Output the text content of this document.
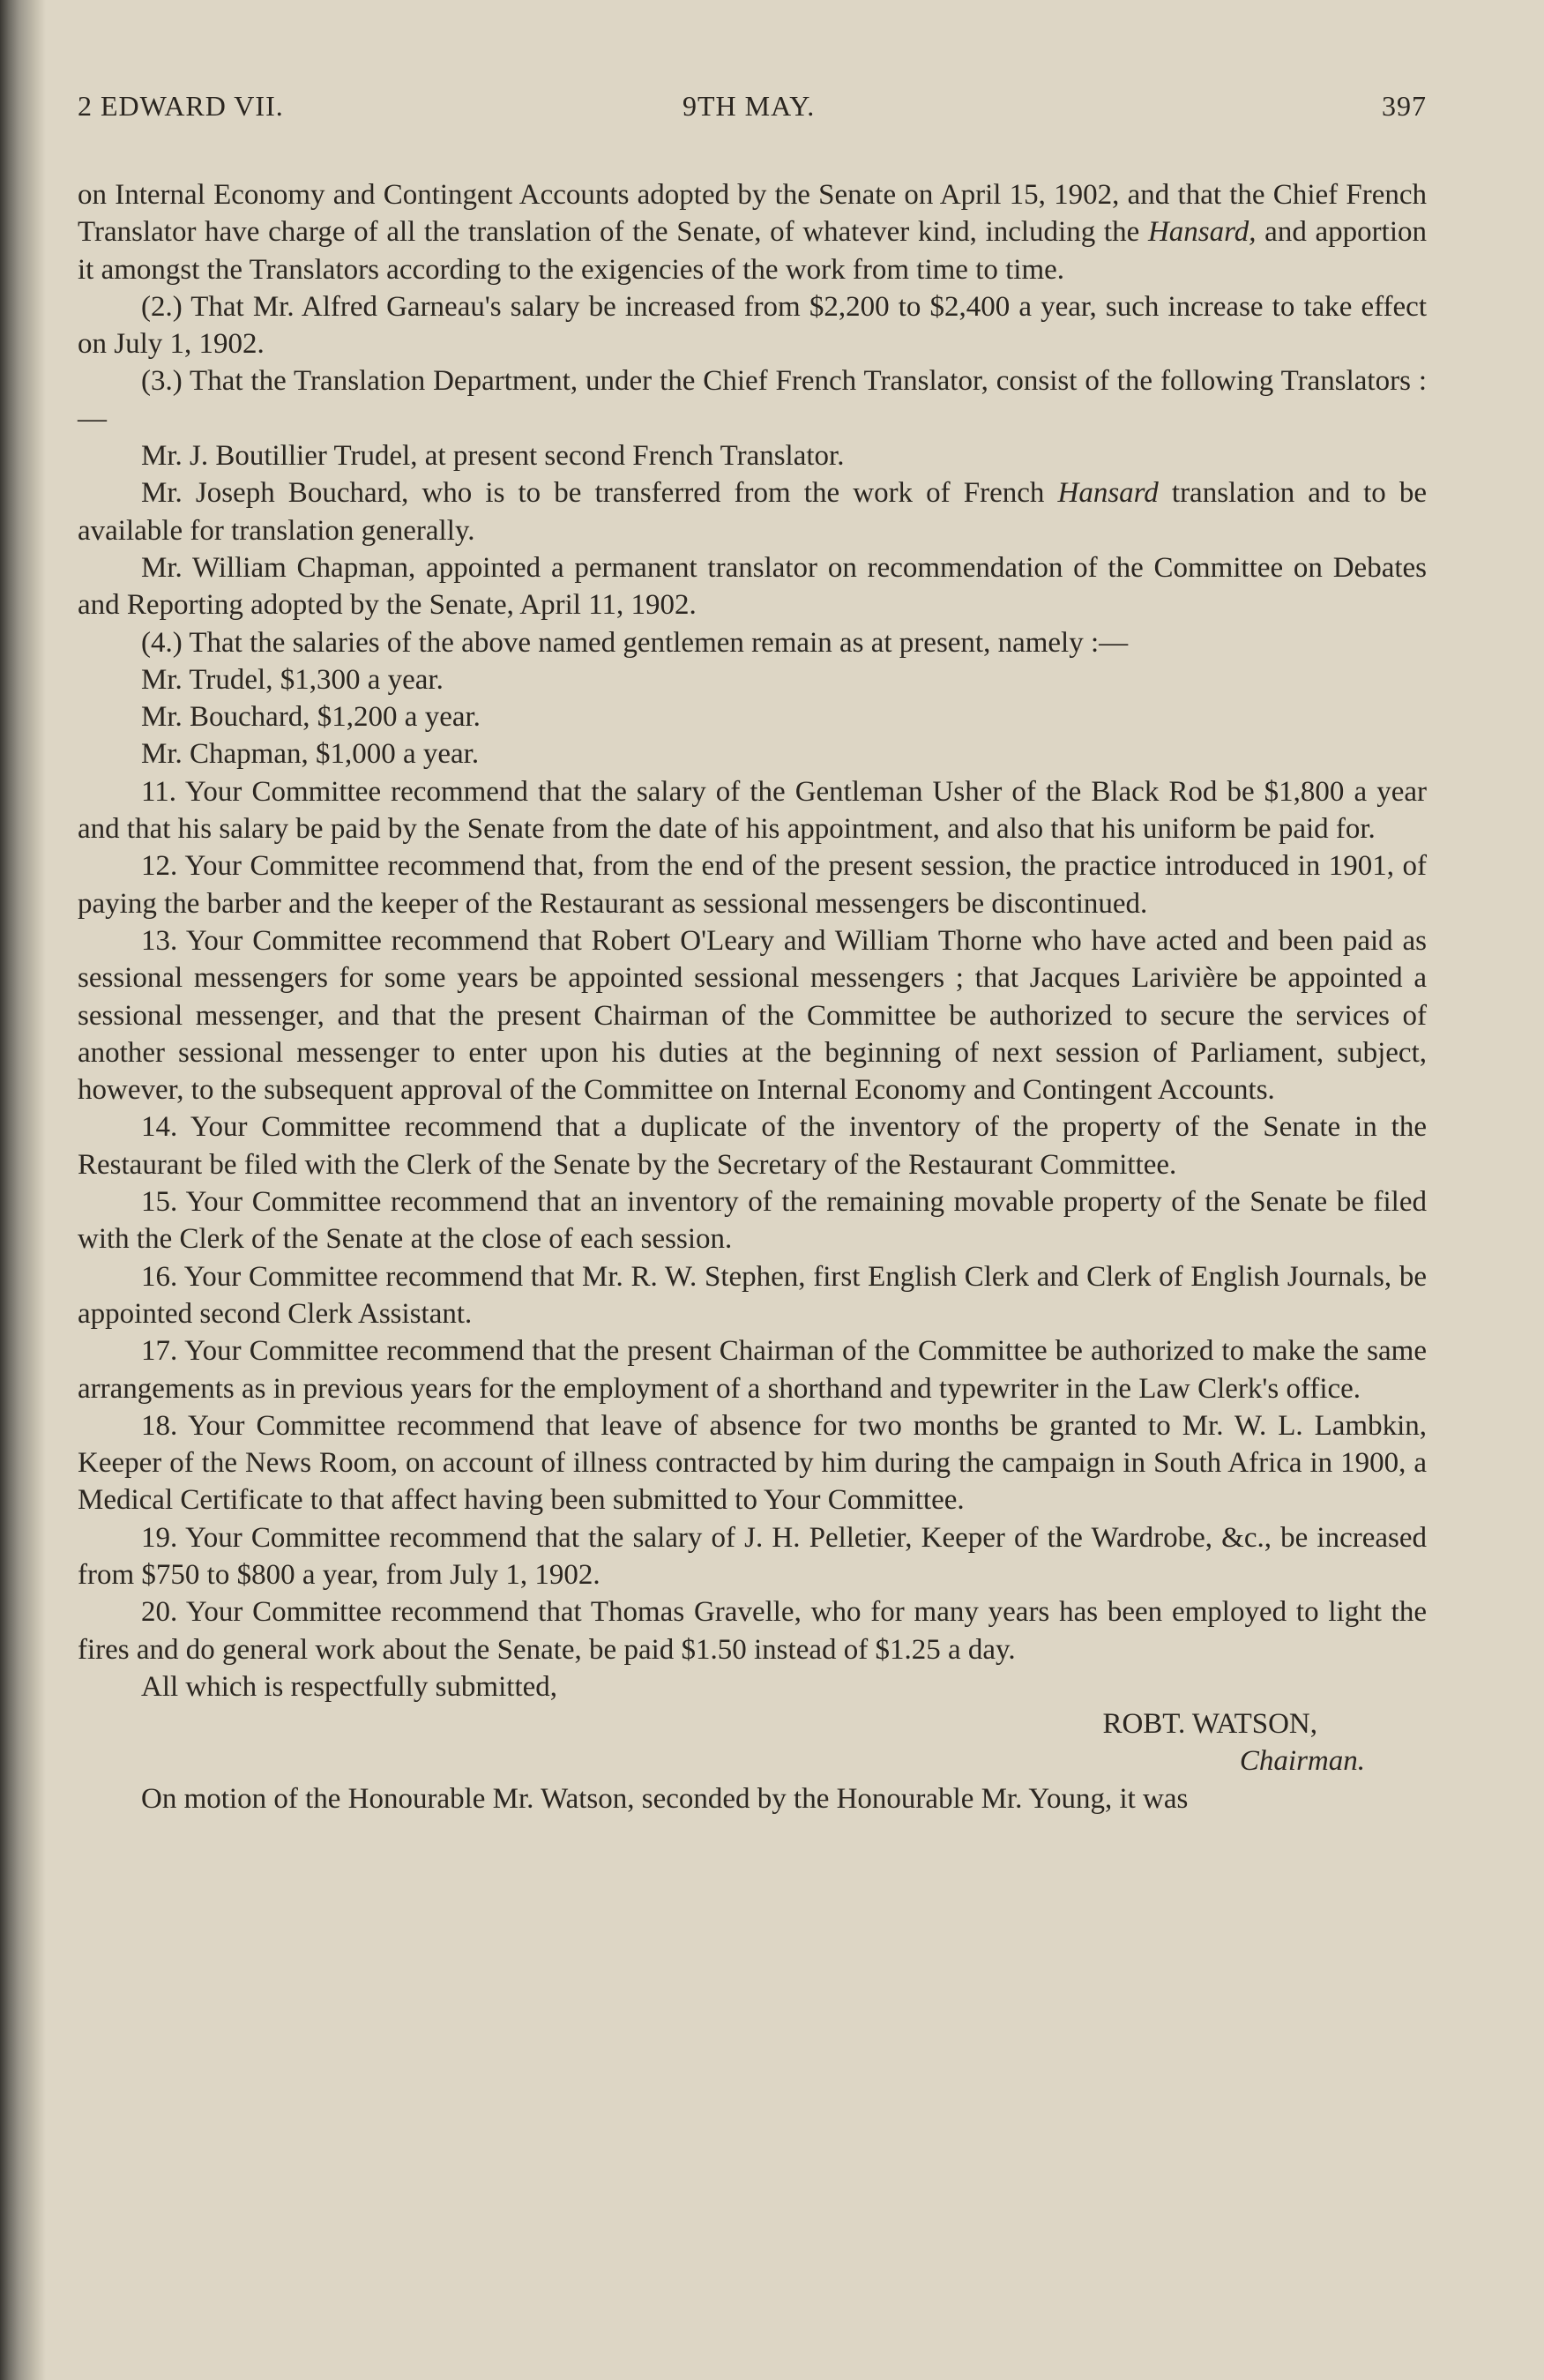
2 EDWARD VII.	9TH MAY.	397

on Internal Economy and Contingent Accounts adopted by the Senate on April 15, 1902, and that the Chief French Translator have charge of all the translation of the Senate, of whatever kind, including the Hansard, and apportion it amongst the Translators according to the exigencies of the work from time to time.

(2.) That Mr. Alfred Garneau's salary be increased from $2,200 to $2,400 a year, such increase to take effect on July 1, 1902.

(3.) That the Translation Department, under the Chief French Translator, consist of the following Translators :—

Mr. J. Boutillier Trudel, at present second French Translator.

Mr. Joseph Bouchard, who is to be transferred from the work of French Hansard translation and to be available for translation generally.

Mr. William Chapman, appointed a permanent translator on recommendation of the Committee on Debates and Reporting adopted by the Senate, April 11, 1902.

(4.) That the salaries of the above named gentlemen remain as at present, namely :—

Mr. Trudel, $1,300 a year.

Mr. Bouchard, $1,200 a year.

Mr. Chapman, $1,000 a year.

11. Your Committee recommend that the salary of the Gentleman Usher of the Black Rod be $1,800 a year and that his salary be paid by the Senate from the date of his appointment, and also that his uniform be paid for.

12. Your Committee recommend that, from the end of the present session, the practice introduced in 1901, of paying the barber and the keeper of the Restaurant as sessional messengers be discontinued.

13. Your Committee recommend that Robert O'Leary and William Thorne who have acted and been paid as sessional messengers for some years be appointed sessional messengers ; that Jacques Larivière be appointed a sessional messenger, and that the present Chairman of the Committee be authorized to secure the services of another sessional messenger to enter upon his duties at the beginning of next session of Parliament, subject, however, to the subsequent approval of the Committee on Internal Economy and Contingent Accounts.

14. Your Committee recommend that a duplicate of the inventory of the property of the Senate in the Restaurant be filed with the Clerk of the Senate by the Secretary of the Restaurant Committee.

15. Your Committee recommend that an inventory of the remaining movable property of the Senate be filed with the Clerk of the Senate at the close of each session.

16. Your Committee recommend that Mr. R. W. Stephen, first English Clerk and Clerk of English Journals, be appointed second Clerk Assistant.

17. Your Committee recommend that the present Chairman of the Committee be authorized to make the same arrangements as in previous years for the employment of a shorthand and typewriter in the Law Clerk's office.

18. Your Committee recommend that leave of absence for two months be granted to Mr. W. L. Lambkin, Keeper of the News Room, on account of illness contracted by him during the campaign in South Africa in 1900, a Medical Certificate to that affect having been submitted to Your Committee.

19. Your Committee recommend that the salary of J. H. Pelletier, Keeper of the Wardrobe, &c., be increased from $750 to $800 a year, from July 1, 1902.

20. Your Committee recommend that Thomas Gravelle, who for many years has been employed to light the fires and do general work about the Senate, be paid $1.50 instead of $1.25 a day.

All which is respectfully submitted,

ROBT. WATSON,

Chairman.

On motion of the Honourable Mr. Watson, seconded by the Honourable Mr. Young, it was
